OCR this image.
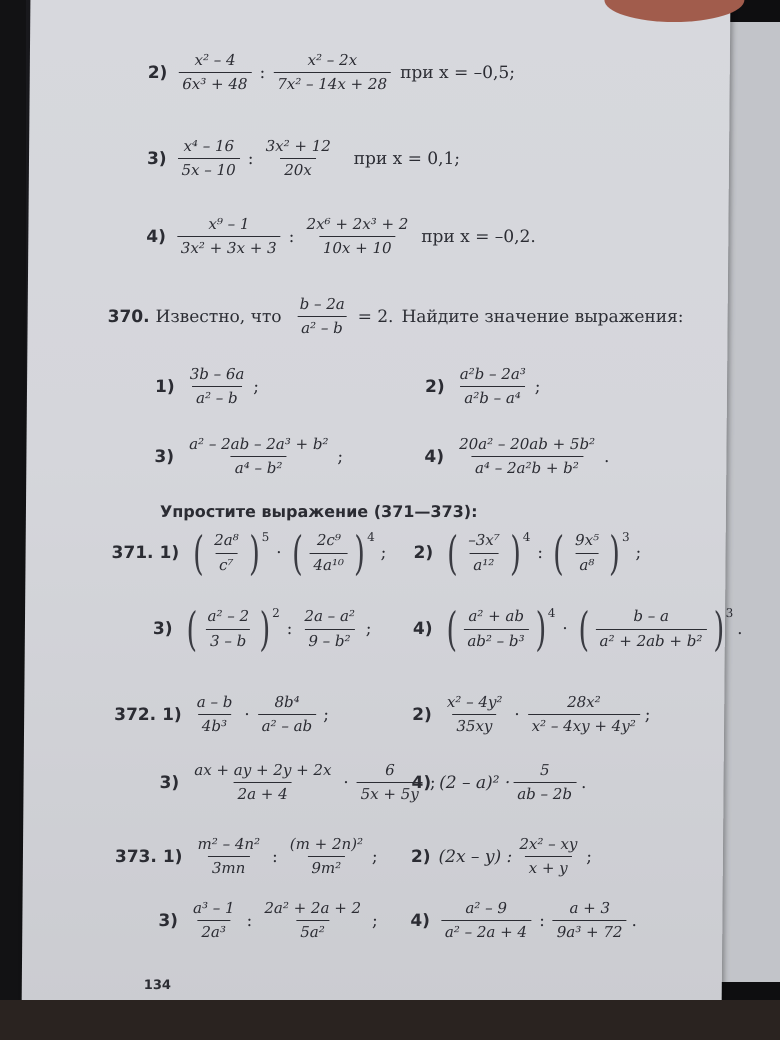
$2) \frac{\text{x² – 4}}{\text{6x³ + 48}}$ : $\frac{\text{x² – 2x}}{\text{7x² – 14x + 28}}$ при x = –0,5;
$3) \frac{\text{x⁴ – 16}}{5x - 10}$ : $\frac{\text{3x² + 12}}{20x}$ при x = 0,1;
$4) \frac{\text{x⁹ – 1}}{\text{3x² + 3x + 3}}$ : $\frac{\text{2x⁶ + 2x³ + 2}}{10x + 10}$ при x = –0,2.
370. Известно, что $\frac{b - 2a}{\text{a² – b}} = 2$. Найдите значение выражения:
$1) \frac{3b - 6a}{\text{a² – b}}$ ;	$2) \frac{\text{a²b – 2a³}}{\text{a²b – a⁴}}$ ;
$3) \frac{\text{a² – 2ab – 2a³ + b²}}{\text{a⁴ – b²}}$ ;	$4) \frac{\text{20a² – 20ab + 5b²}}{\text{a⁴ – 2a²b + b²}}$ .
Упростите выражение (371—373):
371. 1) ( $\frac{\text{2a⁸}}{\text{c⁷}} )^5$
· ( $\frac{\text{2c⁹}}{\text{4a¹⁰}} )^4$
; 2) ( $\frac{\text{–3x⁷}}{\text{a¹²}} )^4$
: ( $\frac{\text{9x⁵}}{\text{a⁸}} )^3$
;
3) ( $\frac{\text{a² – 2}}{3 - b} )^2$
: $\frac{\text{2a – a²}}{\text{9 – b²}}$ ; 4) ( $\frac{\text{a² + ab}}{\text{ab² – b³}} )^4$
· ( $\frac{b - a}{\text{a² + 2ab + b²}} )^3$
.
372. $1) \frac{a - b}{\text{4b³}} \cdot \frac{\text{8b⁴}}{\text{a² – ab}}$ ;	$2) \frac{\text{x² – 4y²}}{35xy} \cdot \frac{\text{28x²}}{\text{x² – 4xy + 4y²}}$ ;
$3) \frac{ax + ay + 2y + 2x}{2a + 4} \cdot \frac{6}{5x + 5y}$ ;
4) $(2 - a)^2 \cdot \frac{5}{ab - 2b}$ .
373. $1) \frac{\text{m² – 4n²}}{3mn}$ : $\frac{\text{(m + 2n)²}}{\text{9m²}}$ ; 2) (2x – y) : $\frac{\text{2x² – xy}}{x + y}$ ;
$3) \frac{\text{a³ – 1}}{\text{2a³}}$ : $\frac{\text{2a² + 2a + 2}}{\text{5a²}}$ ; $4) \frac{\text{a² – 9}}{\text{a² – 2a + 4}}$ : $\frac{a + 3}{\text{9a³ + 72}}$ .
134
